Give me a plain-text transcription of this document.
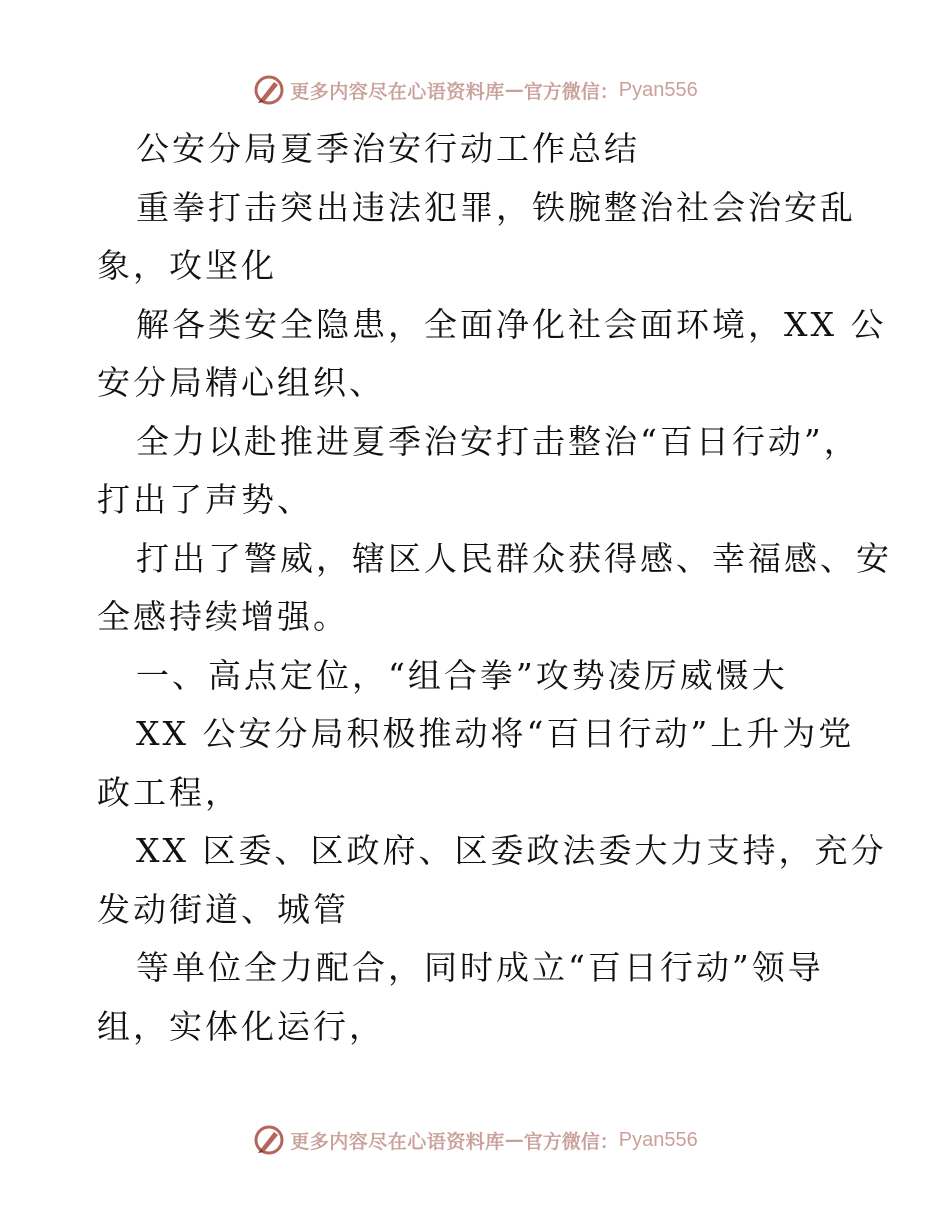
更多内容尽在心语资料库 — 官方微信： Pyan556

公安分局夏季治安行动工作总结

重拳打击突出违法犯罪，铁腕整治社会治安乱
象，攻坚化

解各类安全隐患，全面净化社会面环境，XX 公
安分局精心组织、

全力以赴推进夏季治安打击整治“百日行动”，
打出了声势、

打出了警威，辖区人民群众获得感、幸福感、安
全感持续增强。

一、高点定位，“组合拳”攻势凌厉威慑大

XX 公安分局积极推动将“百日行动”上升为党
政工程，

XX 区委、区政府、区委政法委大力支持，充分
发动街道、城管

等单位全力配合，同时成立“百日行动”领导
组，实体化运行，

更多内容尽在心语资料库 — 官方微信： Pyan556
